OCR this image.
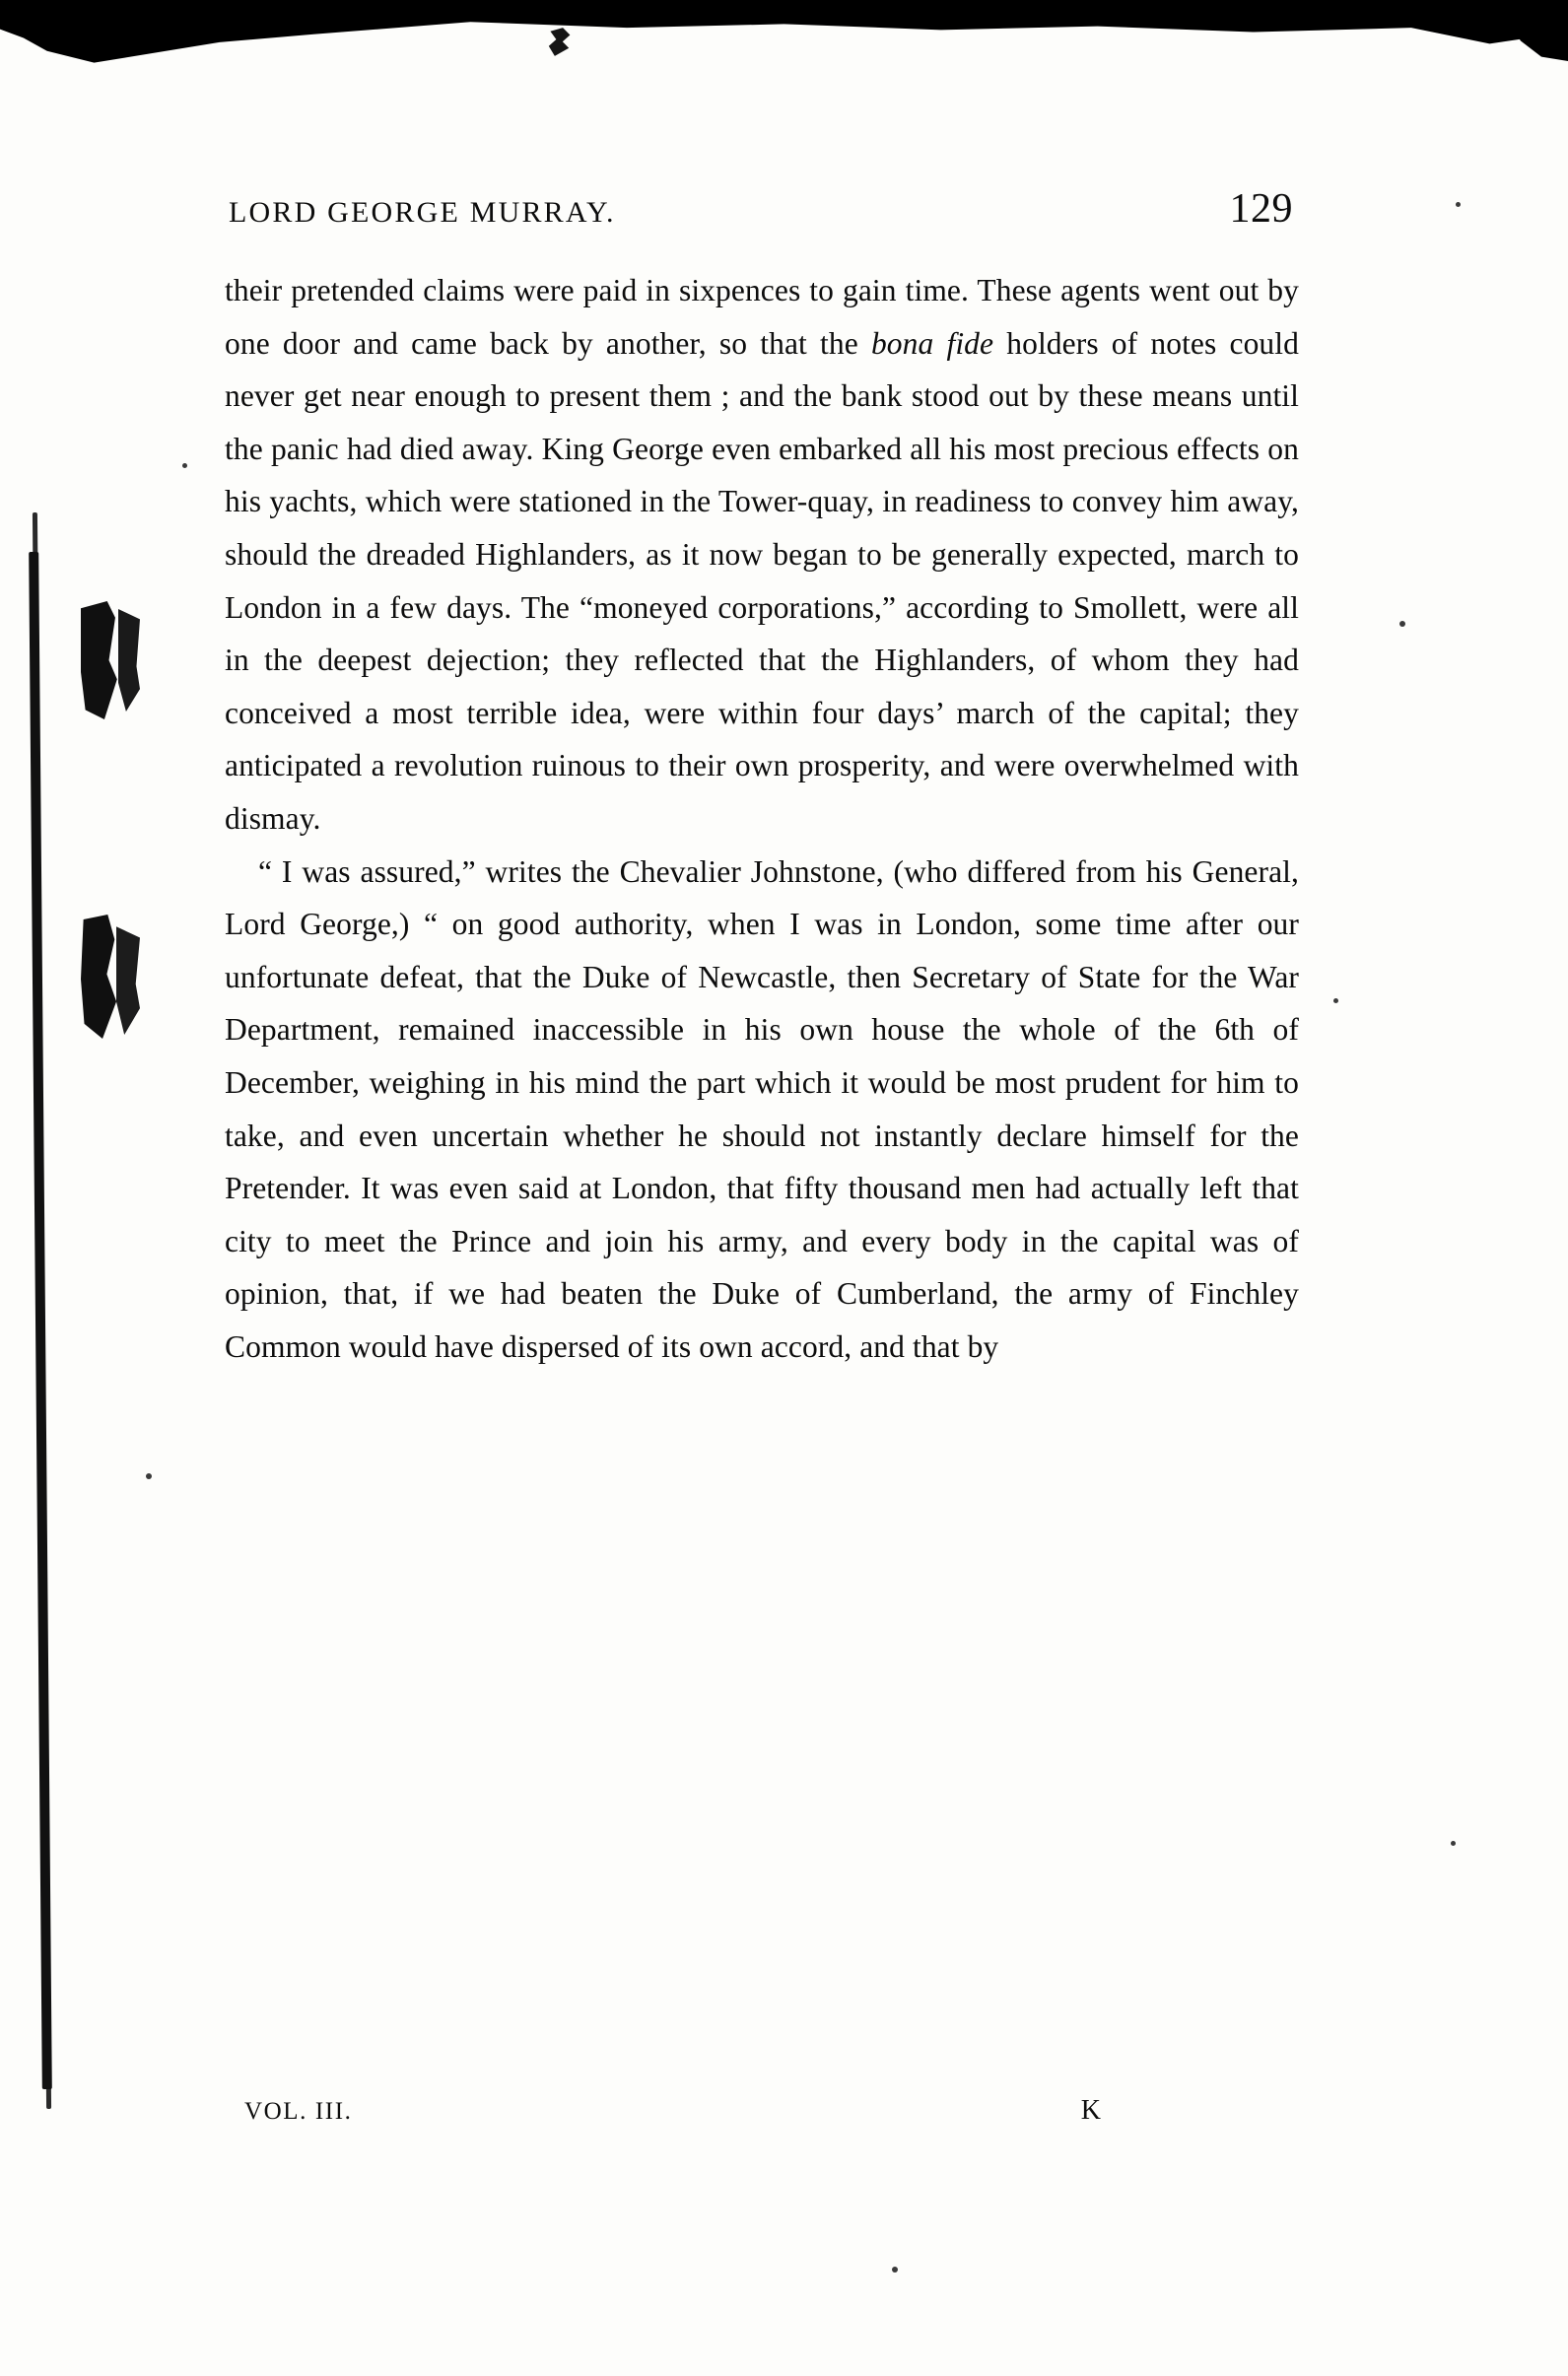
LORD GEORGE MURRAY.	129

their pretended claims were paid in sixpences to gain time. These agents went out by one door and came back by another, so that the bona fide holders of notes could never get near enough to present them ; and the bank stood out by these means until the panic had died away. King George even embarked all his most precious effects on his yachts, which were stationed in the Tower-quay, in readiness to convey him away, should the dreaded Highlanders, as it now began to be generally expected, march to London in a few days. The “moneyed corporations,” according to Smollett, were all in the deepest dejection; they reflected that the Highlanders, of whom they had conceived a most terrible idea, were within four days’ march of the capital; they anticipated a revolution ruinous to their own prosperity, and were overwhelmed with dismay.

“ I was assured,” writes the Chevalier Johnstone, (who differed from his General, Lord George,) “ on good authority, when I was in London, some time after our unfortunate defeat, that the Duke of Newcastle, then Secretary of State for the War Department, remained inaccessible in his own house the whole of the 6th of December, weighing in his mind the part which it would be most prudent for him to take, and even uncertain whether he should not instantly declare himself for the Pretender. It was even said at London, that fifty thousand men had actually left that city to meet the Prince and join his army, and every body in the capital was of opinion, that, if we had beaten the Duke of Cumberland, the army of Finchley Common would have dispersed of its own accord, and that by

VOL. III.	K
